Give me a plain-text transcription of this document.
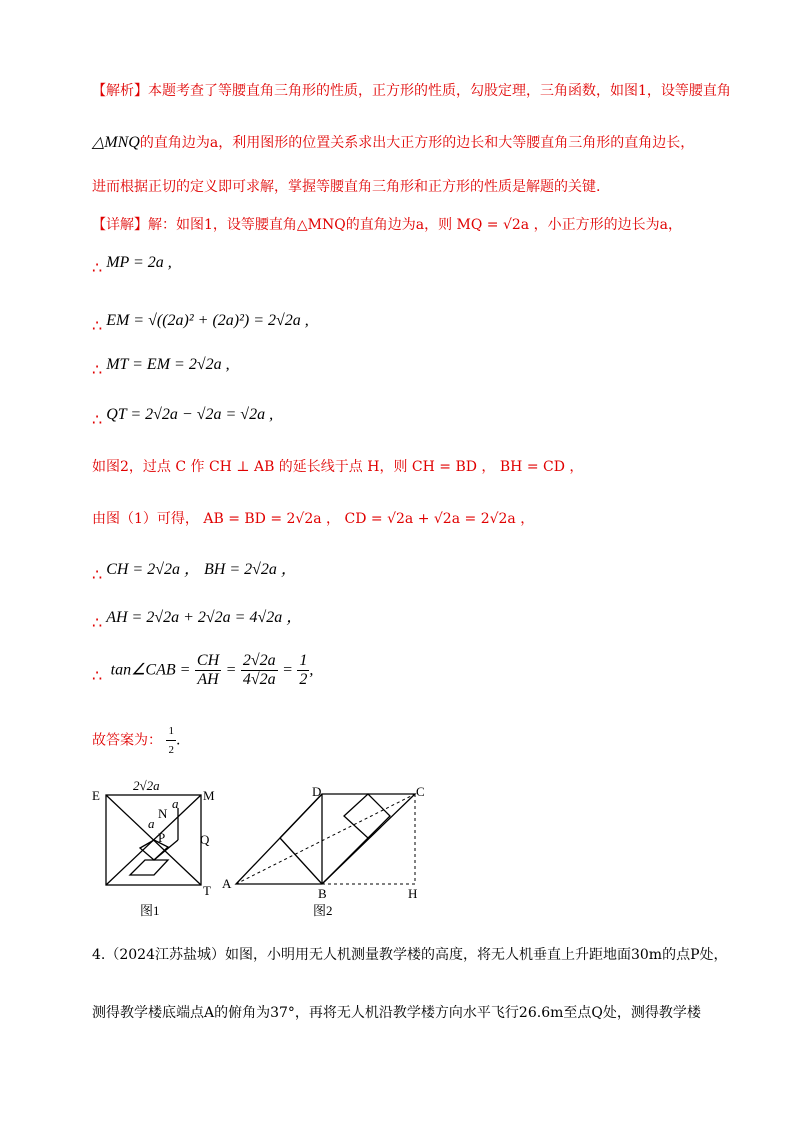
【解析】本题考查了等腰直角三角形的性质，正方形的性质，勾股定理，三角函数，如图1，设等腰直角
△MNQ的直角边为a，利用图形的位置关系求出大正方形的边长和大等腰直角三角形的直角边长，
进而根据正切的定义即可求解，掌握等腰直角三角形和正方形的性质是解题的关键.
【详解】解：如图1，设等腰直角△MNQ的直角边为a，则 MQ = √2a ，小正方形的边长为a，
∴ MP = 2a ,
∴ EM = √((2a)² + (2a)²) = 2√2a ,
∴ MT = EM = 2√2a ,
∴ QT = 2√2a − √2a = √2a ,
如图2，过点 C 作 CH ⊥ AB 的延长线于点 H，则 CH = BD ， BH = CD ，
由图（1）可得， AB = BD = 2√2a ， CD = √2a + √2a = 2√2a ，
∴ CH = 2√2a ， BH = 2√2a ，
∴ AH = 2√2a + 2√2a = 4√2a ，
∴ tan∠CAB = $\frac{CH}{AH} = \frac{2√2a}{4√2a} = \frac{1}{2}$ ,
故答案为： $\frac{1}{2}$ .
E	M
T
Q
N
P
a
a
2√2a
图1
A
B
C
D
H
图2
4.（2024江苏盐城）如图，小明用无人机测量教学楼的高度，将无人机垂直上升距地面30m的点P处，
测得教学楼底端点A的俯角为37°，再将无人机沿教学楼方向水平飞行26.6m至点Q处，测得教学楼
